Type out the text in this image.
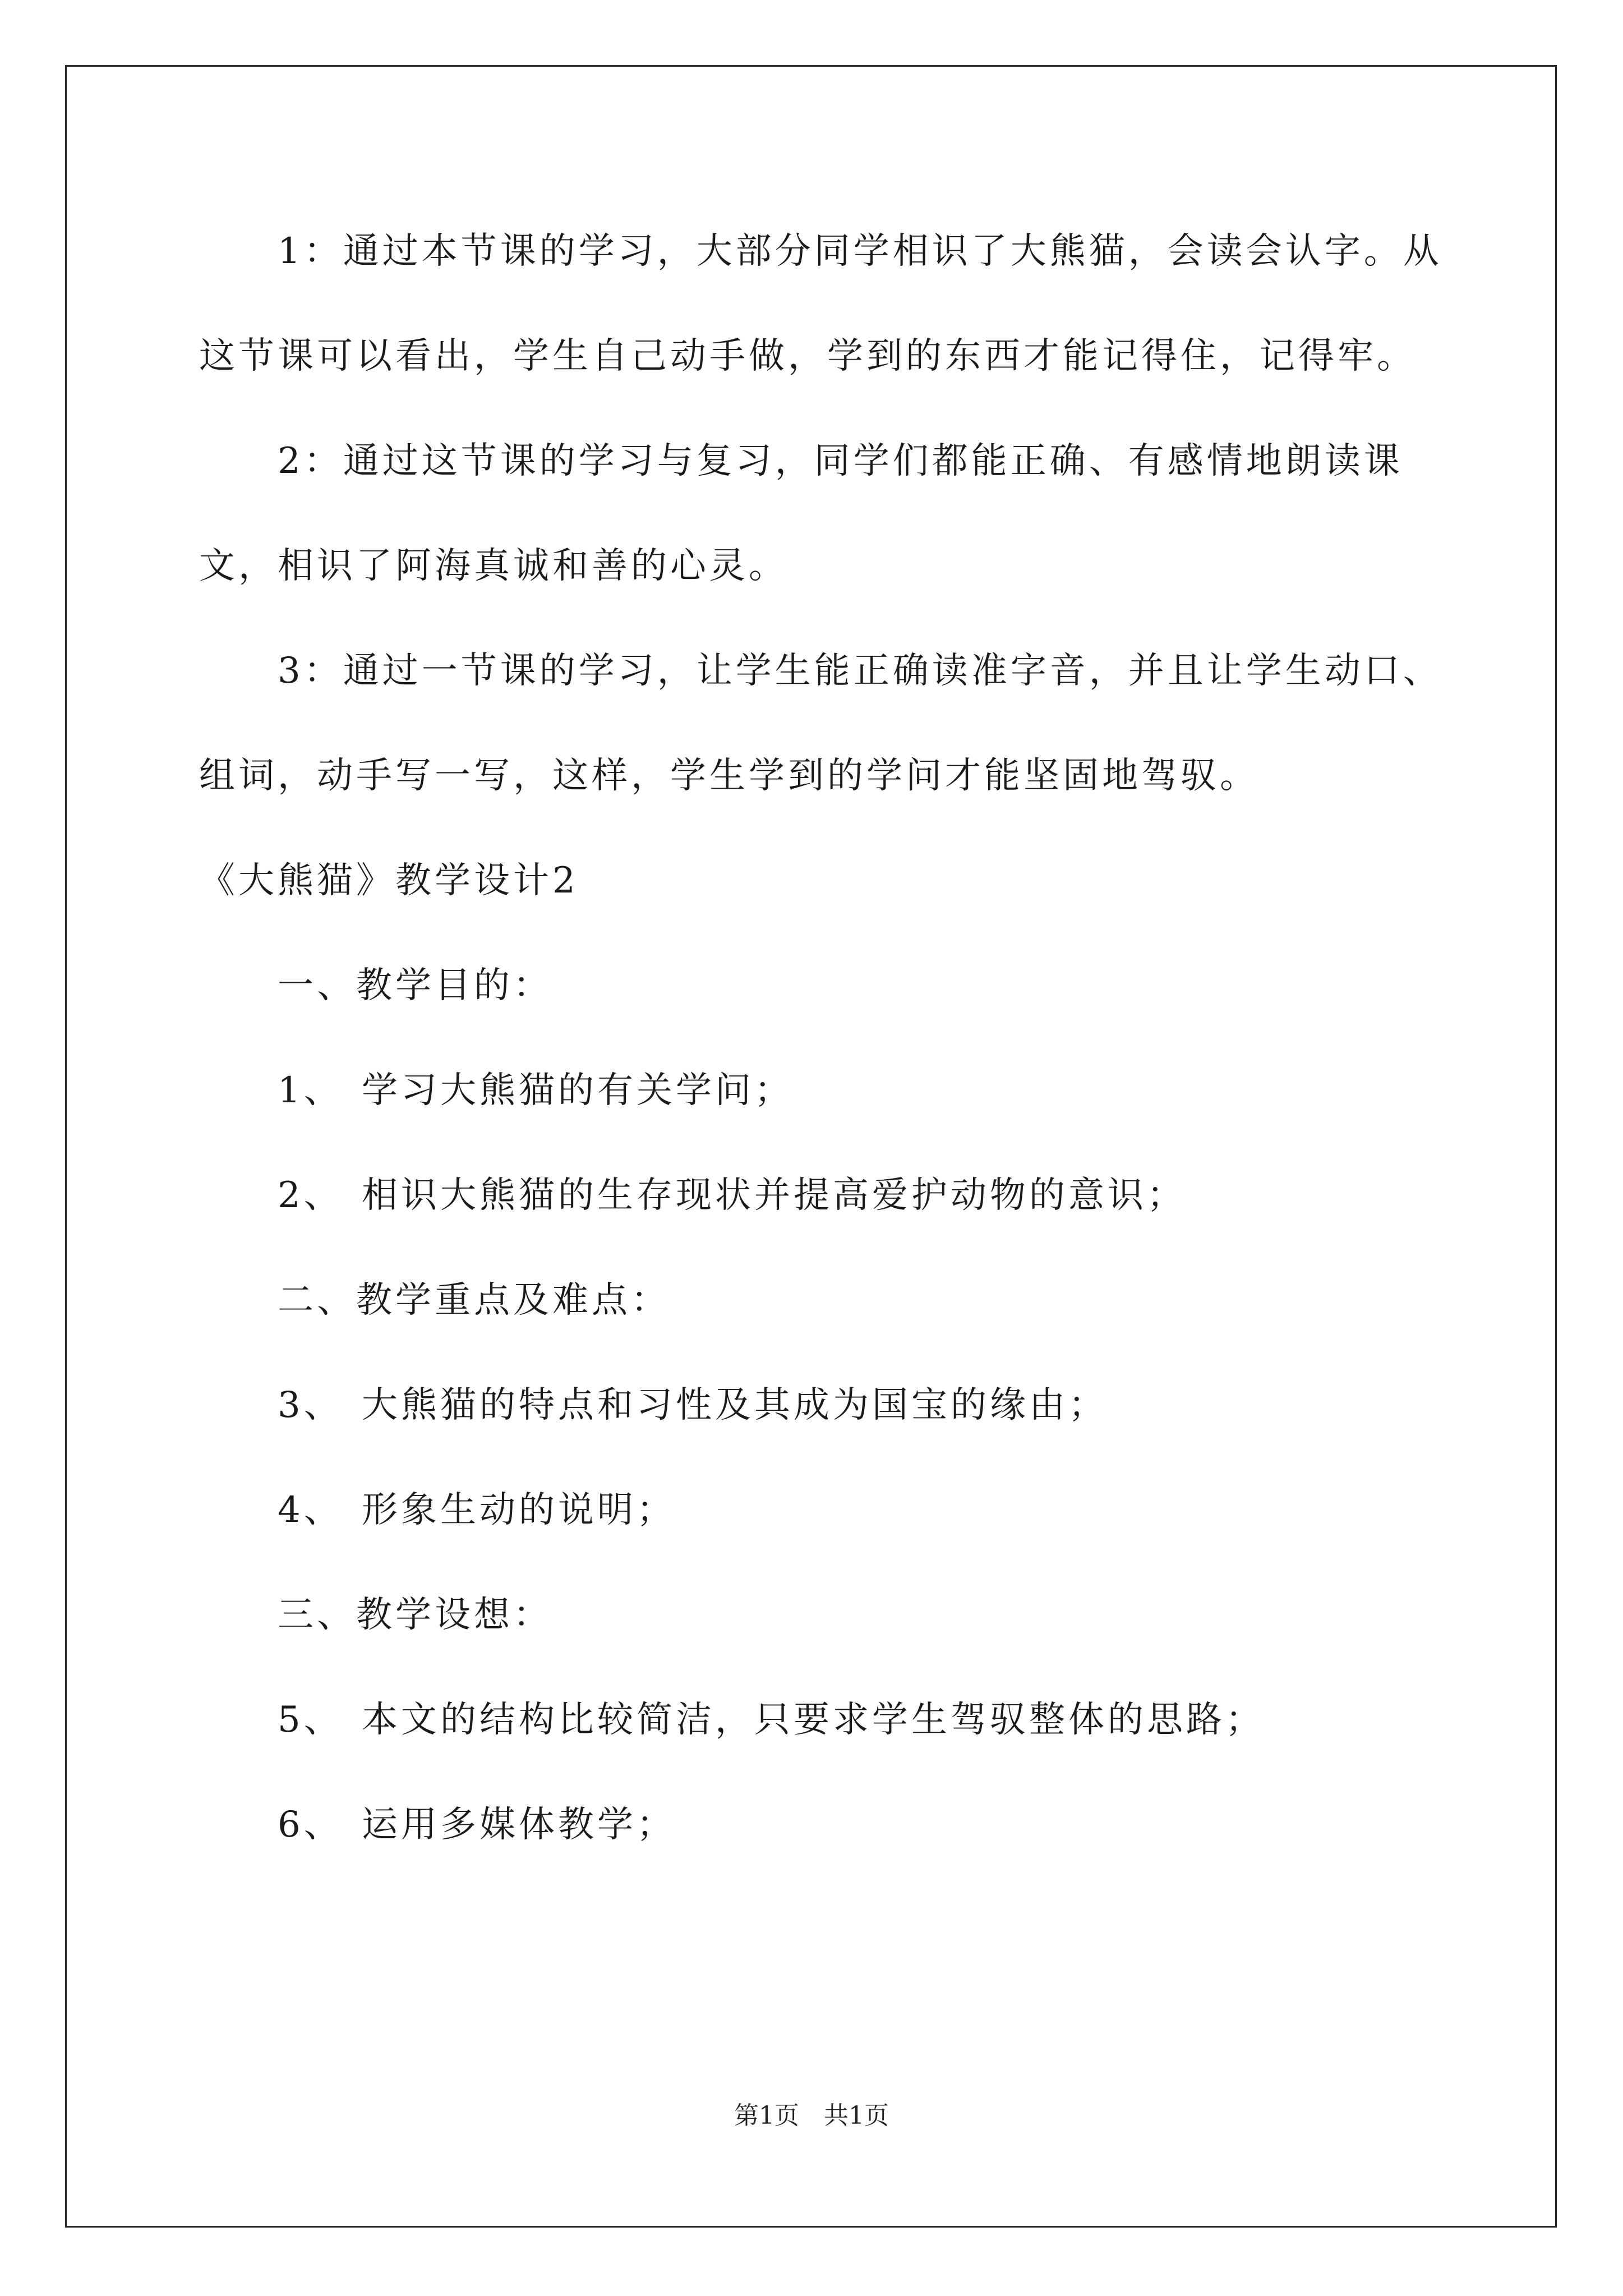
1：通过本节课的学习，大部分同学相识了大熊猫，会读会认字。从这节课可以看出，学生自己动手做，学到的东西才能记得住，记得牢。

2：通过这节课的学习与复习，同学们都能正确、有感情地朗读课文，相识了阿海真诚和善的心灵。

3：通过一节课的学习，让学生能正确读准字音，并且让学生动口、组词，动手写一写，这样，学生学到的学问才能坚固地驾驭。

《大熊猫》教学设计2

一、教学目的：

1、 学习大熊猫的有关学问；

2、 相识大熊猫的生存现状并提高爱护动物的意识；

二、教学重点及难点：

3、 大熊猫的特点和习性及其成为国宝的缘由；

4、 形象生动的说明；

三、教学设想：

5、 本文的结构比较简洁，只要求学生驾驭整体的思路；

6、 运用多媒体教学；

第1页　共1页
